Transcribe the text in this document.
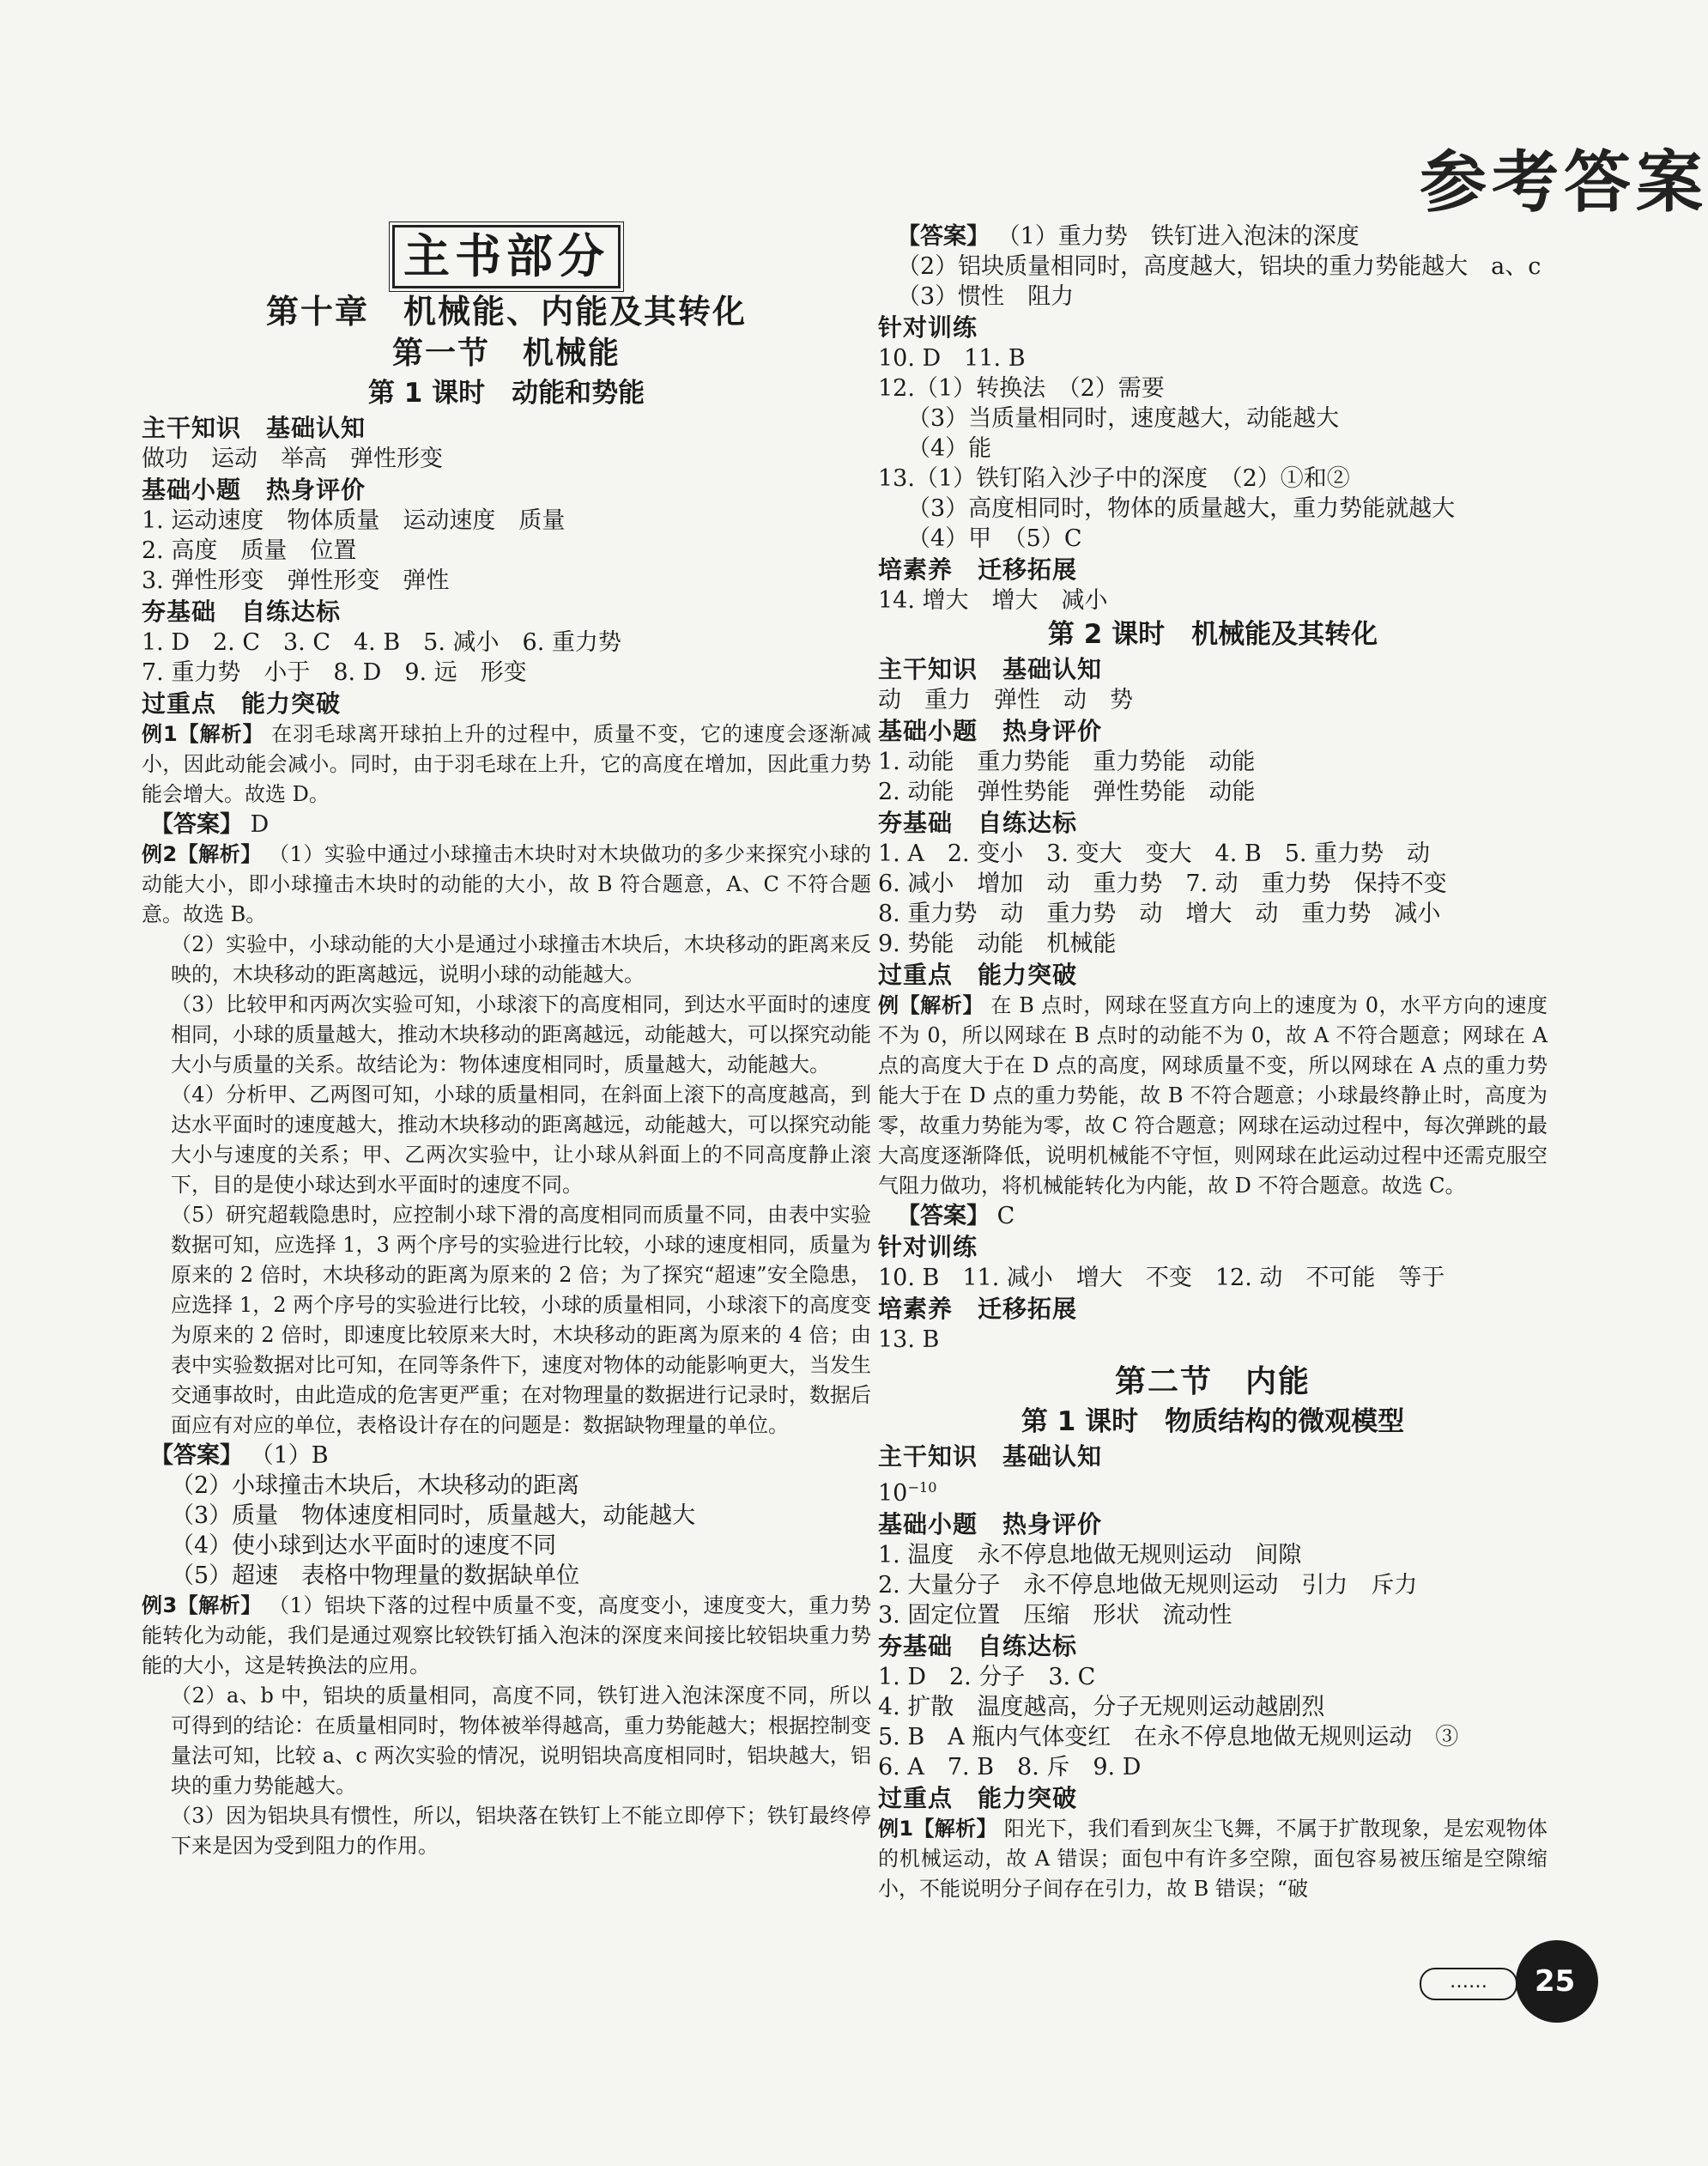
参考答案
主书部分
第十章　机械能、内能及其转化
第一节　机械能
第 1 课时　动能和势能
主干知识　基础认知
做功　运动　举高　弹性形变
基础小题　热身评价
1. 运动速度　物体质量　运动速度　质量
2. 高度　质量　位置
3. 弹性形变　弹性形变　弹性
夯基础　自练达标
1. D　2. C　3. C　4. B　5. 减小　6. 重力势
7. 重力势　小于　8. D　9. 远　形变
过重点　能力突破
例1【解析】 在羽毛球离开球拍上升的过程中，质量不变，它的速度会逐渐减小，因此动能会减小。同时，由于羽毛球在上升，它的高度在增加，因此重力势能会增大。故选 D。
【答案】 D
例2【解析】 （1）实验中通过小球撞击木块时对木块做功的多少来探究小球的动能大小，即小球撞击木块时的动能的大小，故 B 符合题意，A、C 不符合题意。故选 B。
（2）实验中，小球动能的大小是通过小球撞击木块后，木块移动的距离来反映的，木块移动的距离越远，说明小球的动能越大。
（3）比较甲和丙两次实验可知，小球滚下的高度相同，到达水平面时的速度相同，小球的质量越大，推动木块移动的距离越远，动能越大，可以探究动能大小与质量的关系。故结论为：物体速度相同时，质量越大，动能越大。
（4）分析甲、乙两图可知，小球的质量相同，在斜面上滚下的高度越高，到达水平面时的速度越大，推动木块移动的距离越远，动能越大，可以探究动能大小与速度的关系；甲、乙两次实验中，让小球从斜面上的不同高度静止滚下，目的是使小球达到水平面时的速度不同。
（5）研究超载隐患时，应控制小球下滑的高度相同而质量不同，由表中实验数据可知，应选择 1，3 两个序号的实验进行比较，小球的速度相同，质量为原来的 2 倍时，木块移动的距离为原来的 2 倍；为了探究“超速”安全隐患，应选择 1，2 两个序号的实验进行比较，小球的质量相同，小球滚下的高度变为原来的 2 倍时，即速度比较原来大时，木块移动的距离为原来的 4 倍；由表中实验数据对比可知，在同等条件下，速度对物体的动能影响更大，当发生交通事故时，由此造成的危害更严重；在对物理量的数据进行记录时，数据后面应有对应的单位，表格设计存在的问题是：数据缺物理量的单位。
【答案】 （1）B
（2）小球撞击木块后，木块移动的距离
（3）质量　物体速度相同时，质量越大，动能越大
（4）使小球到达水平面时的速度不同
（5）超速　表格中物理量的数据缺单位
例3【解析】 （1）铝块下落的过程中质量不变，高度变小，速度变大，重力势能转化为动能，我们是通过观察比较铁钉插入泡沫的深度来间接比较铝块重力势能的大小，这是转换法的应用。
（2）a、b 中，铝块的质量相同，高度不同，铁钉进入泡沫深度不同，所以可得到的结论：在质量相同时，物体被举得越高，重力势能越大；根据控制变量法可知，比较 a、c 两次实验的情况，说明铝块高度相同时，铝块越大，铝块的重力势能越大。
（3）因为铝块具有惯性，所以，铝块落在铁钉上不能立即停下；铁钉最终停下来是因为受到阻力的作用。
【答案】 （1）重力势　铁钉进入泡沫的深度
（2）铝块质量相同时，高度越大，铝块的重力势能越大　a、c
（3）惯性　阻力
针对训练
10. D　11. B
12.（1）转换法　（2）需要
（3）当质量相同时，速度越大，动能越大
（4）能
13.（1）铁钉陷入沙子中的深度　（2）①和②
（3）高度相同时，物体的质量越大，重力势能就越大
（4）甲　（5）C
培素养　迁移拓展
14. 增大　增大　减小
第 2 课时　机械能及其转化
主干知识　基础认知
动　重力　弹性　动　势
基础小题　热身评价
1. 动能　重力势能　重力势能　动能
2. 动能　弹性势能　弹性势能　动能
夯基础　自练达标
1. A　2. 变小　3. 变大　变大　4. B　5. 重力势　动
6. 减小　增加　动　重力势　7. 动　重力势　保持不变
8. 重力势　动　重力势　动　增大　动　重力势　减小
9. 势能　动能　机械能
过重点　能力突破
例【解析】 在 B 点时，网球在竖直方向上的速度为 0，水平方向的速度不为 0，所以网球在 B 点时的动能不为 0，故 A 不符合题意；网球在 A 点的高度大于在 D 点的高度，网球质量不变，所以网球在 A 点的重力势能大于在 D 点的重力势能，故 B 不符合题意；小球最终静止时，高度为零，故重力势能为零，故 C 符合题意；网球在运动过程中，每次弹跳的最大高度逐渐降低，说明机械能不守恒，则网球在此运动过程中还需克服空气阻力做功，将机械能转化为内能，故 D 不符合题意。故选 C。
【答案】 C
针对训练
10. B　11. 减小　增大　不变　12. 动　不可能　等于
培素养　迁移拓展
13. B
第二节　内能
第 1 课时　物质结构的微观模型
主干知识　基础认知
$10^{-10}$
基础小题　热身评价
1. 温度　永不停息地做无规则运动　间隙
2. 大量分子　永不停息地做无规则运动　引力　斥力
3. 固定位置　压缩　形状　流动性
夯基础　自练达标
1. D　2. 分子　3. C
4. 扩散　温度越高，分子无规则运动越剧烈
5. B　A 瓶内气体变红　在永不停息地做无规则运动　③
6. A　7. B　8. 斥　9. D
过重点　能力突破
例1【解析】 阳光下，我们看到灰尘飞舞，不属于扩散现象，是宏观物体的机械运动，故 A 错误；面包中有许多空隙，面包容易被压缩是空隙缩小，不能说明分子间存在引力，故 B 错误；“破
……	25
